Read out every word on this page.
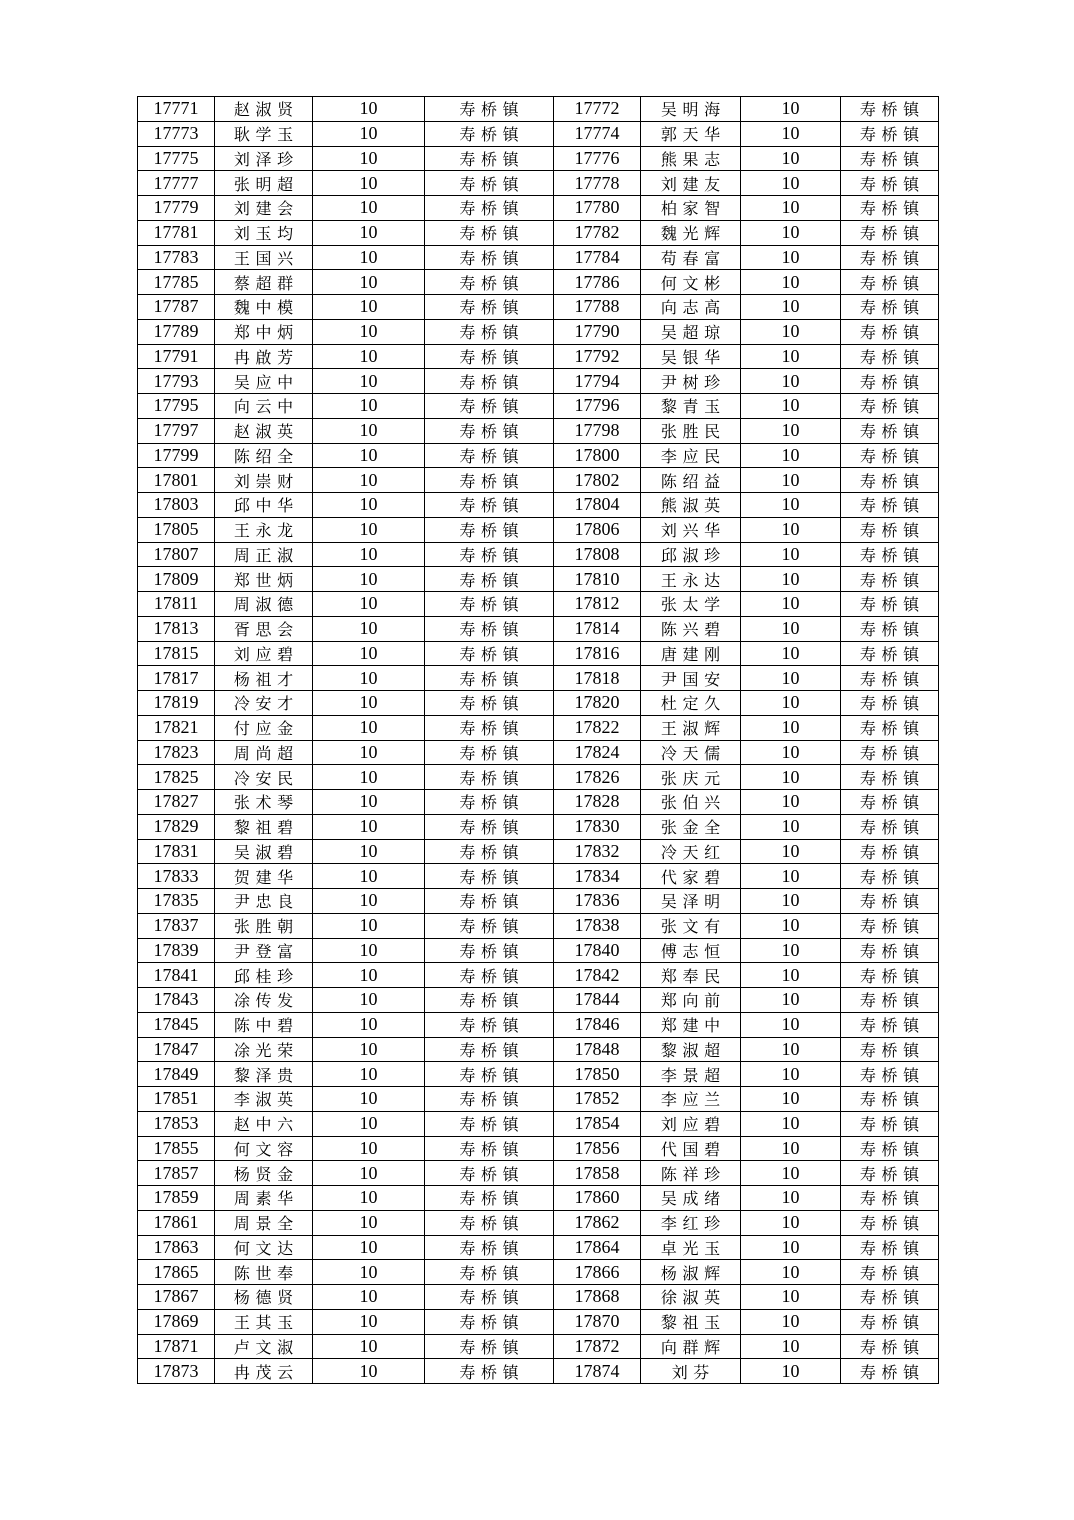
17771	赵淑贤	10	寿桥镇	17772	吴明海	10	寿桥镇
17773	耿学玉	10	寿桥镇	17774	郭天华	10	寿桥镇
17775	刘泽珍	10	寿桥镇	17776	熊果志	10	寿桥镇
17777	张明超	10	寿桥镇	17778	刘建友	10	寿桥镇
17779	刘建会	10	寿桥镇	17780	柏家智	10	寿桥镇
17781	刘玉均	10	寿桥镇	17782	魏光辉	10	寿桥镇
17783	王国兴	10	寿桥镇	17784	苟春富	10	寿桥镇
17785	蔡超群	10	寿桥镇	17786	何文彬	10	寿桥镇
17787	魏中模	10	寿桥镇	17788	向志高	10	寿桥镇
17789	郑中炳	10	寿桥镇	17790	吴超琼	10	寿桥镇
17791	冉啟芳	10	寿桥镇	17792	吴银华	10	寿桥镇
17793	吴应中	10	寿桥镇	17794	尹树珍	10	寿桥镇
17795	向云中	10	寿桥镇	17796	黎青玉	10	寿桥镇
17797	赵淑英	10	寿桥镇	17798	张胜民	10	寿桥镇
17799	陈绍全	10	寿桥镇	17800	李应民	10	寿桥镇
17801	刘崇财	10	寿桥镇	17802	陈绍益	10	寿桥镇
17803	邱中华	10	寿桥镇	17804	熊淑英	10	寿桥镇
17805	王永龙	10	寿桥镇	17806	刘兴华	10	寿桥镇
17807	周正淑	10	寿桥镇	17808	邱淑珍	10	寿桥镇
17809	郑世炳	10	寿桥镇	17810	王永达	10	寿桥镇
17811	周淑德	10	寿桥镇	17812	张太学	10	寿桥镇
17813	胥思会	10	寿桥镇	17814	陈兴碧	10	寿桥镇
17815	刘应碧	10	寿桥镇	17816	唐建刚	10	寿桥镇
17817	杨祖才	10	寿桥镇	17818	尹国安	10	寿桥镇
17819	冷安才	10	寿桥镇	17820	杜定久	10	寿桥镇
17821	付应金	10	寿桥镇	17822	王淑辉	10	寿桥镇
17823	周尚超	10	寿桥镇	17824	冷天儒	10	寿桥镇
17825	冷安民	10	寿桥镇	17826	张庆元	10	寿桥镇
17827	张术琴	10	寿桥镇	17828	张伯兴	10	寿桥镇
17829	黎祖碧	10	寿桥镇	17830	张金全	10	寿桥镇
17831	吴淑碧	10	寿桥镇	17832	冷天红	10	寿桥镇
17833	贺建华	10	寿桥镇	17834	代家碧	10	寿桥镇
17835	尹忠良	10	寿桥镇	17836	吴泽明	10	寿桥镇
17837	张胜朝	10	寿桥镇	17838	张文有	10	寿桥镇
17839	尹登富	10	寿桥镇	17840	傅志恒	10	寿桥镇
17841	邱桂珍	10	寿桥镇	17842	郑奉民	10	寿桥镇
17843	凃传发	10	寿桥镇	17844	郑向前	10	寿桥镇
17845	陈中碧	10	寿桥镇	17846	郑建中	10	寿桥镇
17847	凃光荣	10	寿桥镇	17848	黎淑超	10	寿桥镇
17849	黎泽贵	10	寿桥镇	17850	李景超	10	寿桥镇
17851	李淑英	10	寿桥镇	17852	李应兰	10	寿桥镇
17853	赵中六	10	寿桥镇	17854	刘应碧	10	寿桥镇
17855	何文容	10	寿桥镇	17856	代国碧	10	寿桥镇
17857	杨贤金	10	寿桥镇	17858	陈祥珍	10	寿桥镇
17859	周素华	10	寿桥镇	17860	吴成绪	10	寿桥镇
17861	周景全	10	寿桥镇	17862	李红珍	10	寿桥镇
17863	何文达	10	寿桥镇	17864	卓光玉	10	寿桥镇
17865	陈世奉	10	寿桥镇	17866	杨淑辉	10	寿桥镇
17867	杨德贤	10	寿桥镇	17868	徐淑英	10	寿桥镇
17869	王其玉	10	寿桥镇	17870	黎祖玉	10	寿桥镇
17871	卢文淑	10	寿桥镇	17872	向群辉	10	寿桥镇
17873	冉茂云	10	寿桥镇	17874	刘芬	10	寿桥镇
